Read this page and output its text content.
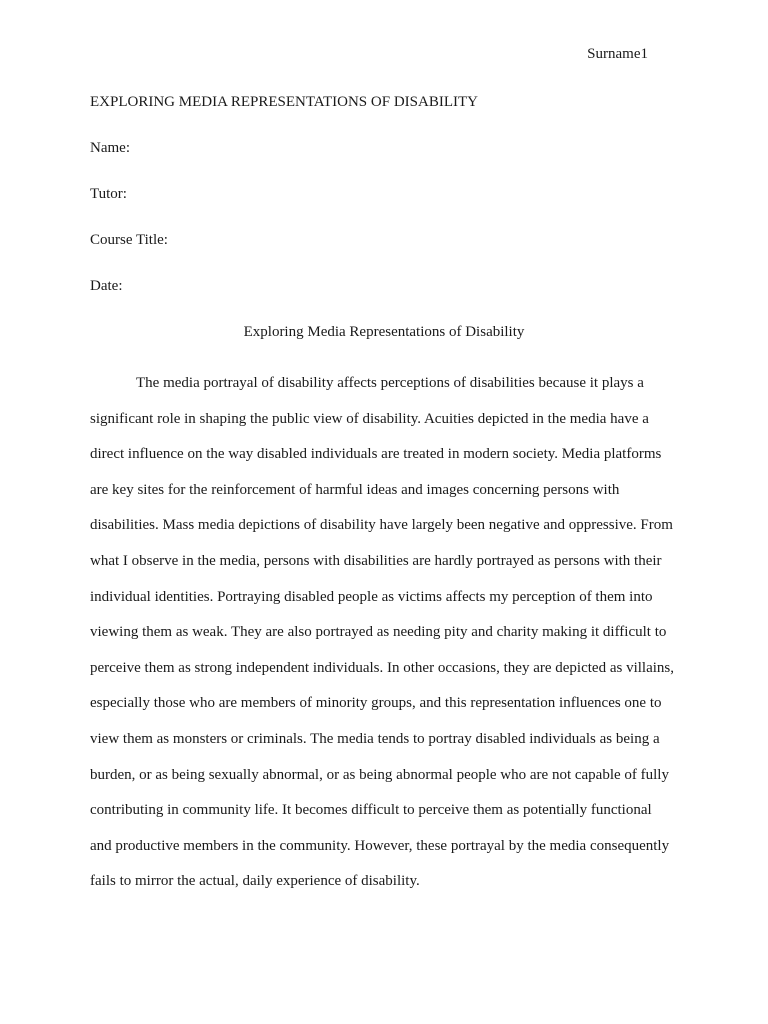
Surname1
EXPLORING MEDIA REPRESENTATIONS OF DISABILITY
Name:
Tutor:
Course Title:
Date:
Exploring Media Representations of Disability
The media portrayal of disability affects perceptions of disabilities because it plays a
significant role in shaping the public view of disability. Acuities depicted in the media have a
direct influence on the way disabled individuals are treated in modern society. Media platforms
are key sites for the reinforcement of harmful ideas and images concerning persons with
disabilities. Mass media depictions of disability have largely been negative and oppressive. From
what I observe in the media, persons with disabilities are hardly portrayed as persons with their
individual identities. Portraying disabled people as victims affects my perception of them into
viewing them as weak. They are also portrayed as needing pity and charity making it difficult to
perceive them as strong independent individuals. In other occasions, they are depicted as villains,
especially those who are members of minority groups, and this representation influences one to
view them as monsters or criminals. The media tends to portray disabled individuals as being a
burden, or as being sexually abnormal, or as being abnormal people who are not capable of fully
contributing in community life. It becomes difficult to perceive them as potentially functional
and productive members in the community. However, these portrayal by the media consequently
fails to mirror the actual, daily experience of disability.
